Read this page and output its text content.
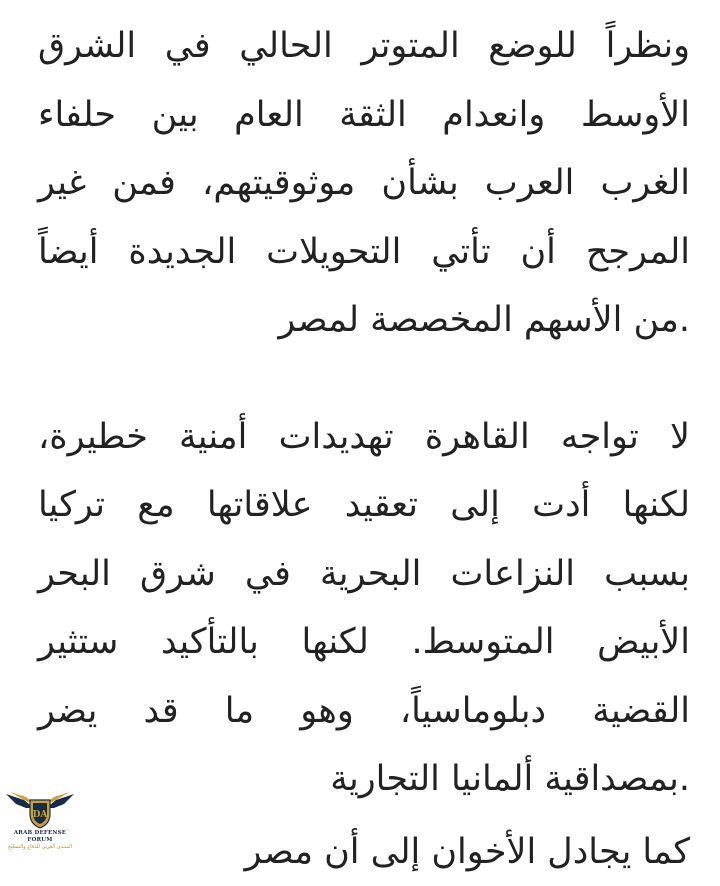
ونظراً للوضع المتوتر الحالي في الشرق
الأوسط وانعدام الثقة العام بين حلفاء
الغرب العرب بشأن موثوقيتهم، فمن غير
المرجح أن تأتي التحويلات الجديدة أيضاً
.من الأسهم المخصصة لمصر

لا تواجه القاهرة تهديدات أمنية خطيرة،
لكنها أدت إلى تعقيد علاقاتها مع تركيا
بسبب النزاعات البحرية في شرق البحر
الأبيض المتوسط. لكنها بالتأكيد ستثير
القضية دبلوماسياً، وهو ما قد يضر
.بمصداقية ألمانيا التجارية

كما يجادل الأخوان إلى أن مصر

DA
ARAB DEFENSE FORUM
المنتدى العربي للدفاع والتسليح
